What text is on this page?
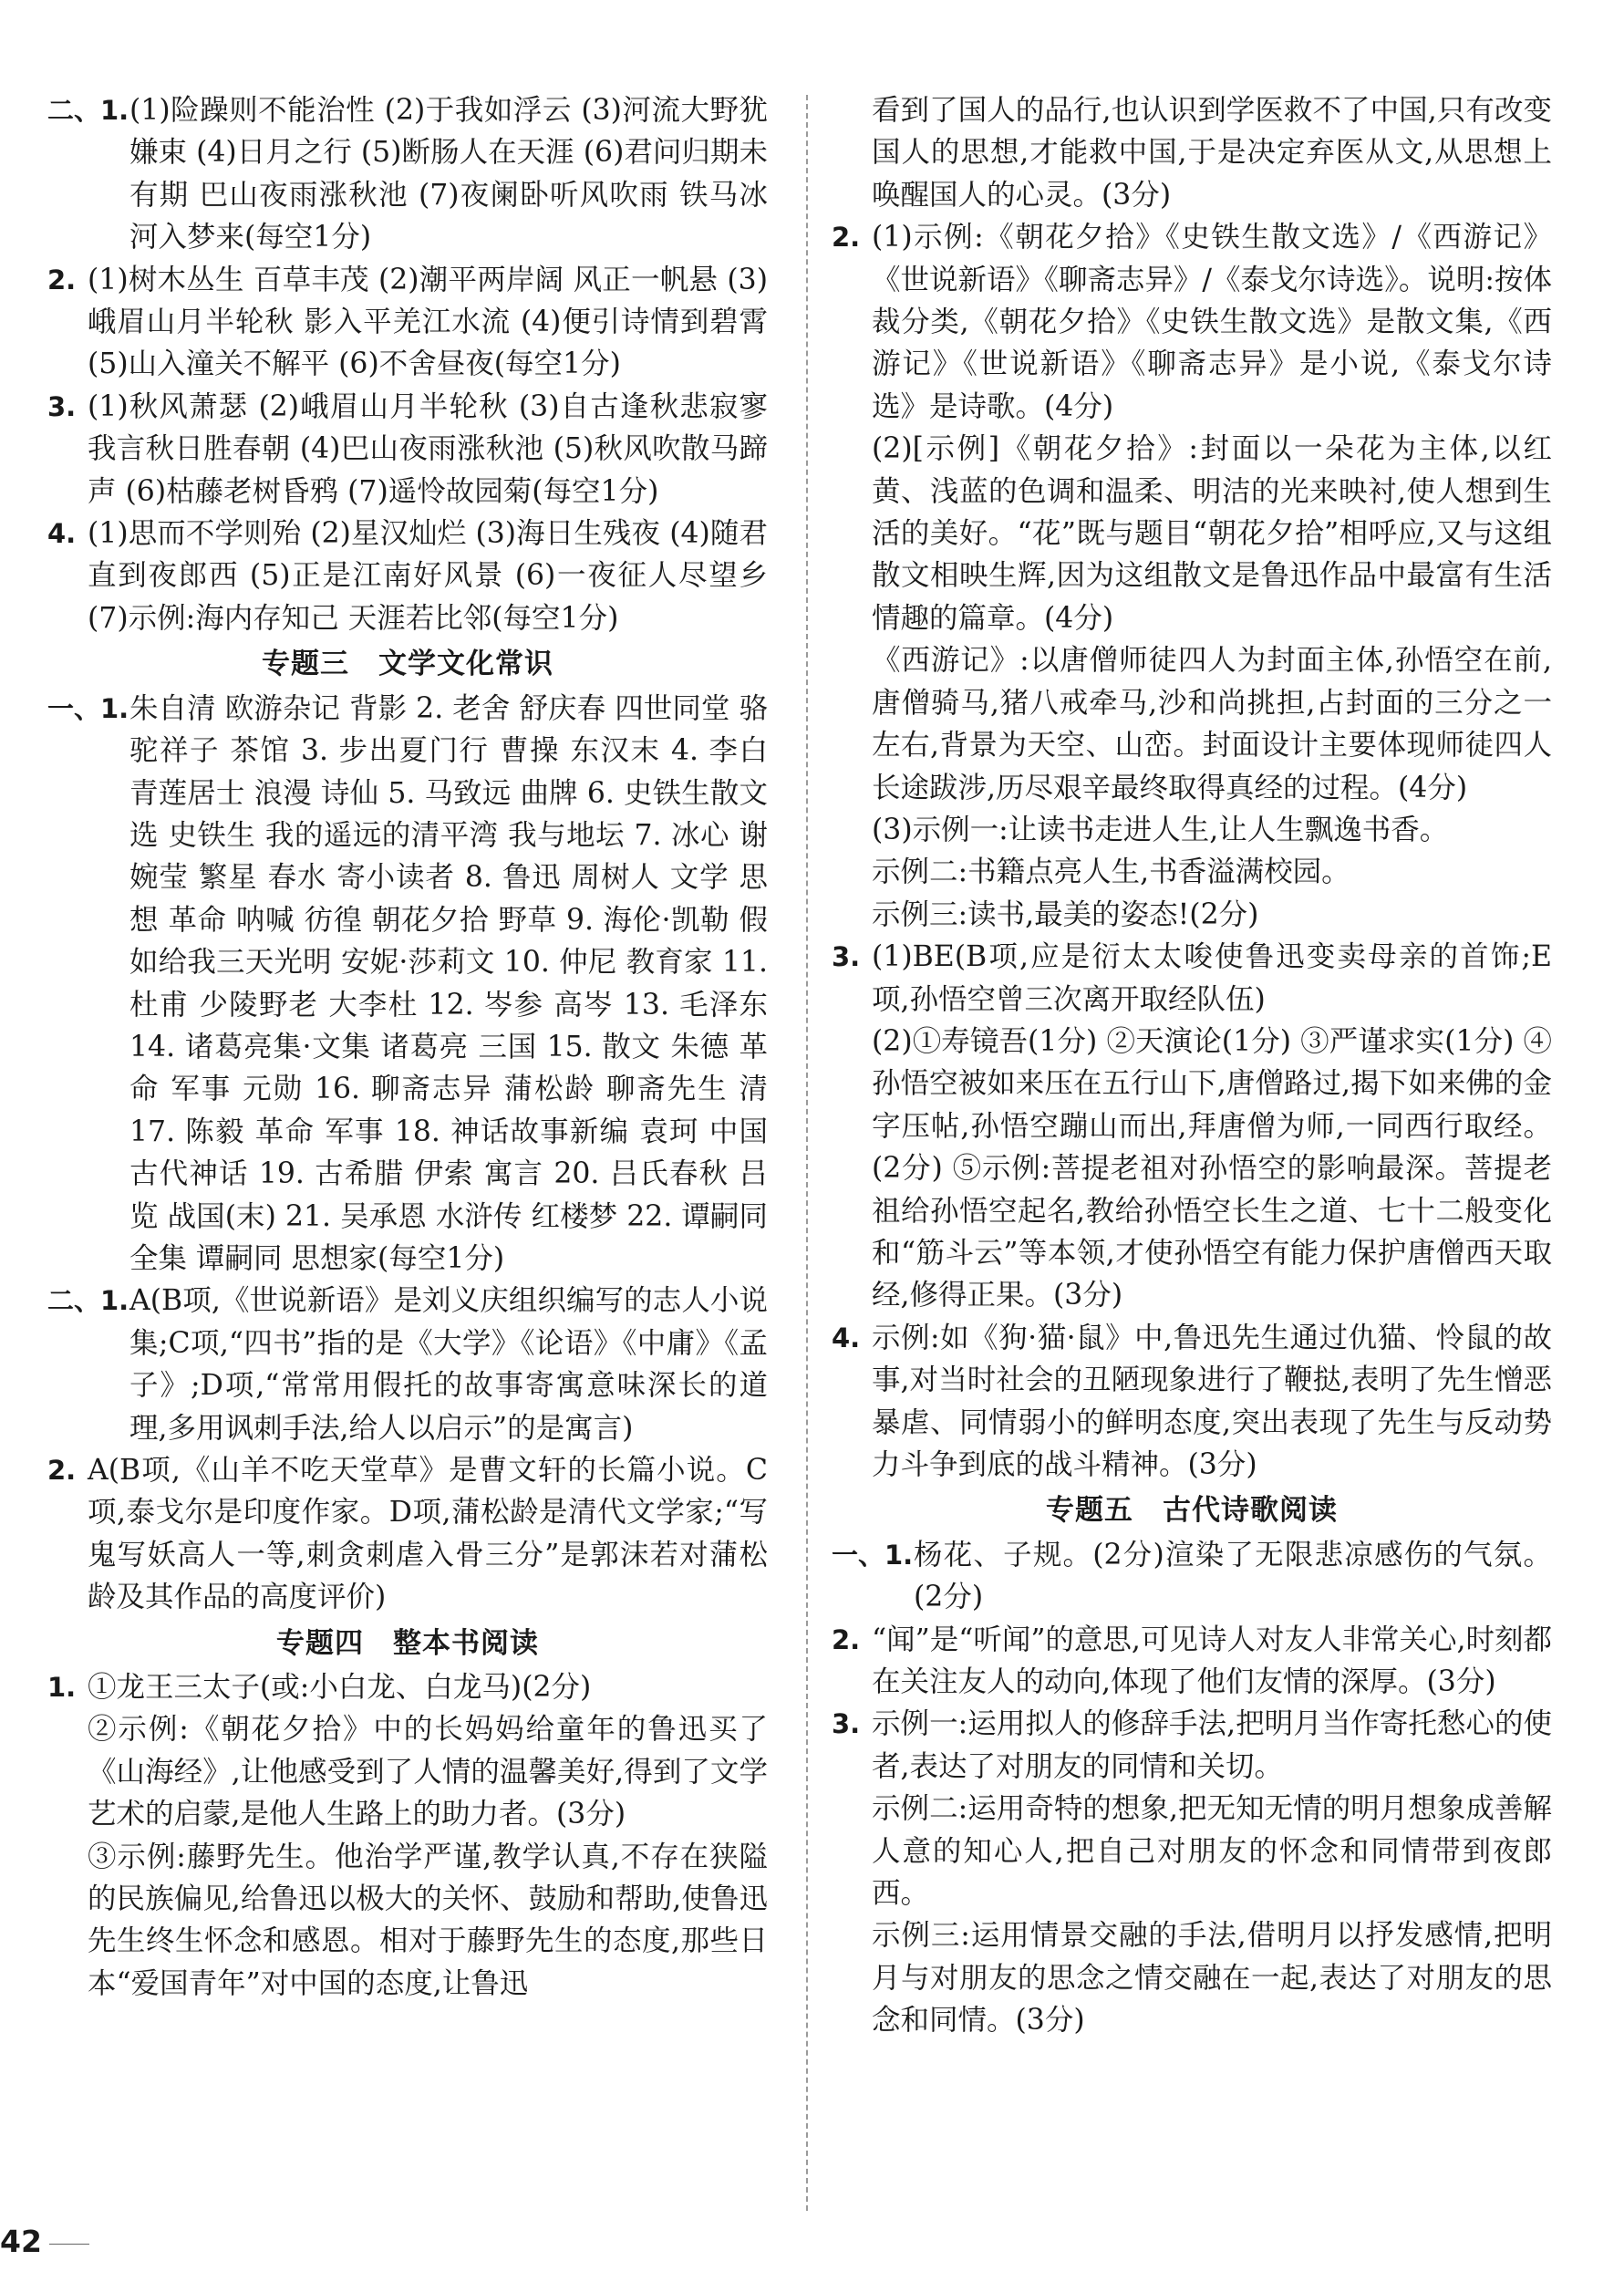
二、1. (1)险躁则不能治性 (2)于我如浮云 (3)河流大野犹嫌束 (4)日月之行 (5)断肠人在天涯 (6)君问归期未有期 巴山夜雨涨秋池 (7)夜阑卧听风吹雨 铁马冰河入梦来(每空1分)
2. (1)树木丛生 百草丰茂 (2)潮平两岸阔 风正一帆悬 (3)峨眉山月半轮秋 影入平羌江水流 (4)便引诗情到碧霄 (5)山入潼关不解平 (6)不舍昼夜(每空1分)
3. (1)秋风萧瑟 (2)峨眉山月半轮秋 (3)自古逢秋悲寂寥 我言秋日胜春朝 (4)巴山夜雨涨秋池 (5)秋风吹散马蹄声 (6)枯藤老树昏鸦 (7)遥怜故园菊(每空1分)
4. (1)思而不学则殆 (2)星汉灿烂 (3)海日生残夜 (4)随君直到夜郎西 (5)正是江南好风景 (6)一夜征人尽望乡 (7)示例:海内存知己 天涯若比邻(每空1分)
专题三　文学文化常识
一、1. 朱自清 欧游杂记 背影 2. 老舍 舒庆春 四世同堂 骆驼祥子 茶馆 3. 步出夏门行 曹操 东汉末 4. 李白 青莲居士 浪漫 诗仙 5. 马致远 曲牌 6. 史铁生散文选 史铁生 我的遥远的清平湾 我与地坛 7. 冰心 谢婉莹 繁星 春水 寄小读者 8. 鲁迅 周树人 文学 思想 革命 呐喊 彷徨 朝花夕拾 野草 9. 海伦·凯勒 假如给我三天光明 安妮·莎莉文 10. 仲尼 教育家 11. 杜甫 少陵野老 大李杜 12. 岑参 高岑 13. 毛泽东 14. 诸葛亮集·文集 诸葛亮 三国 15. 散文 朱德 革命 军事 元勋 16. 聊斋志异 蒲松龄 聊斋先生 清 17. 陈毅 革命 军事 18. 神话故事新编 袁珂 中国古代神话 19. 古希腊 伊索 寓言 20. 吕氏春秋 吕览 战国(末) 21. 吴承恩 水浒传 红楼梦 22. 谭嗣同全集 谭嗣同 思想家(每空1分)
二、1. A(B项,《世说新语》是刘义庆组织编写的志人小说集;C项,“四书”指的是《大学》《论语》《中庸》《孟子》;D项,“常常用假托的故事寄寓意味深长的道理,多用讽刺手法,给人以启示”的是寓言)
2. A(B项,《山羊不吃天堂草》是曹文轩的长篇小说。C项,泰戈尔是印度作家。D项,蒲松龄是清代文学家;“写鬼写妖高人一等,刺贪刺虐入骨三分”是郭沫若对蒲松龄及其作品的高度评价)
专题四　整本书阅读
1. ①龙王三太子(或:小白龙、白龙马)(2分)
②示例:《朝花夕拾》中的长妈妈给童年的鲁迅买了《山海经》,让他感受到了人情的温馨美好,得到了文学艺术的启蒙,是他人生路上的助力者。(3分)
③示例:藤野先生。他治学严谨,教学认真,不存在狭隘的民族偏见,给鲁迅以极大的关怀、鼓励和帮助,使鲁迅先生终生怀念和感恩。相对于藤野先生的态度,那些日本“爱国青年”对中国的态度,让鲁迅
看到了国人的品行,也认识到学医救不了中国,只有改变国人的思想,才能救中国,于是决定弃医从文,从思想上唤醒国人的心灵。(3分)
2. (1)示例:《朝花夕拾》《史铁生散文选》/《西游记》《世说新语》《聊斋志异》/《泰戈尔诗选》。说明:按体裁分类,《朝花夕拾》《史铁生散文选》是散文集,《西游记》《世说新语》《聊斋志异》是小说,《泰戈尔诗选》是诗歌。(4分)
(2)[示例]《朝花夕拾》:封面以一朵花为主体,以红黄、浅蓝的色调和温柔、明洁的光来映衬,使人想到生活的美好。“花”既与题目“朝花夕拾”相呼应,又与这组散文相映生辉,因为这组散文是鲁迅作品中最富有生活情趣的篇章。(4分)
《西游记》:以唐僧师徒四人为封面主体,孙悟空在前,唐僧骑马,猪八戒牵马,沙和尚挑担,占封面的三分之一左右,背景为天空、山峦。封面设计主要体现师徒四人长途跋涉,历尽艰辛最终取得真经的过程。(4分)
(3)示例一:让读书走进人生,让人生飘逸书香。
示例二:书籍点亮人生,书香溢满校园。
示例三:读书,最美的姿态!(2分)
3. (1)BE(B项,应是衍太太唆使鲁迅变卖母亲的首饰;E项,孙悟空曾三次离开取经队伍)
(2)①寿镜吾(1分) ②天演论(1分) ③严谨求实(1分) ④孙悟空被如来压在五行山下,唐僧路过,揭下如来佛的金字压帖,孙悟空蹦山而出,拜唐僧为师,一同西行取经。(2分) ⑤示例:菩提老祖对孙悟空的影响最深。菩提老祖给孙悟空起名,教给孙悟空长生之道、七十二般变化和“筋斗云”等本领,才使孙悟空有能力保护唐僧西天取经,修得正果。(3分)
4. 示例:如《狗·猫·鼠》中,鲁迅先生通过仇猫、怜鼠的故事,对当时社会的丑陋现象进行了鞭挞,表明了先生憎恶暴虐、同情弱小的鲜明态度,突出表现了先生与反动势力斗争到底的战斗精神。(3分)
专题五　古代诗歌阅读
一、1. 杨花、子规。(2分)渲染了无限悲凉感伤的气氛。(2分)
2. “闻”是“听闻”的意思,可见诗人对友人非常关心,时刻都在关注友人的动向,体现了他们友情的深厚。(3分)
3. 示例一:运用拟人的修辞手法,把明月当作寄托愁心的使者,表达了对朋友的同情和关切。
示例二:运用奇特的想象,把无知无情的明月想象成善解人意的知心人,把自己对朋友的怀念和同情带到夜郎西。
示例三:运用情景交融的手法,借明月以抒发感情,把明月与对朋友的思念之情交融在一起,表达了对朋友的思念和同情。(3分)
42
